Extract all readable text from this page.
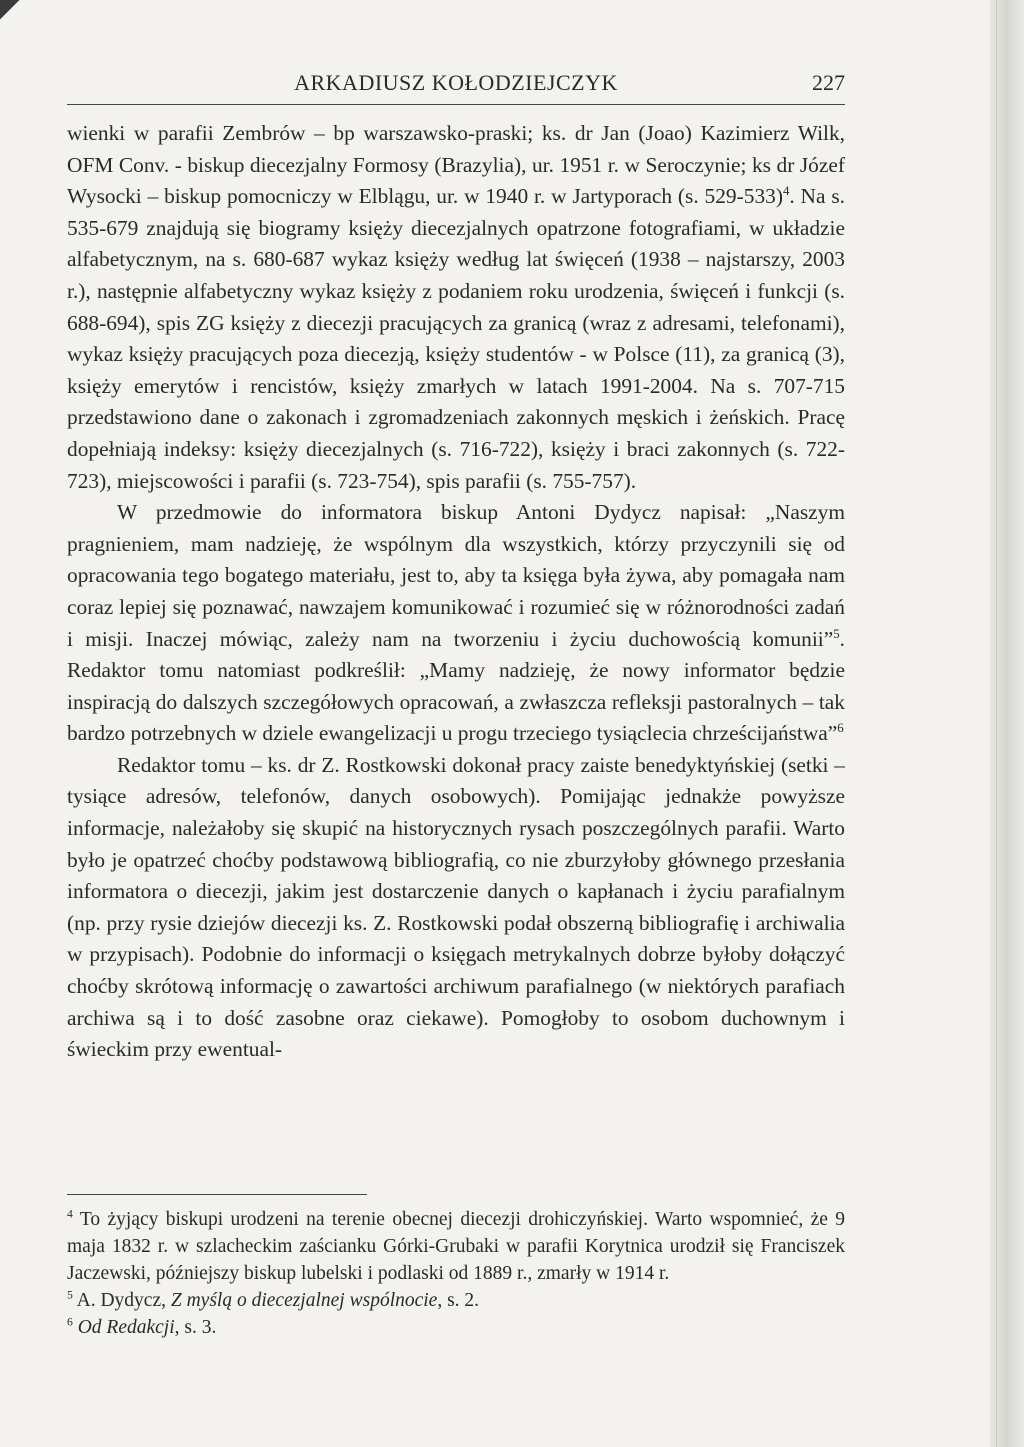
ARKADIUSZ KOŁODZIEJCZYK	227

wienki w parafii Zembrów – bp warszawsko-praski; ks. dr Jan (Joao) Kazimierz Wilk, OFM Conv. - biskup diecezjalny Formosy (Brazylia), ur. 1951 r. w Seroczynie; ks dr Józef Wysocki – biskup pomocniczy w Elblągu, ur. w 1940 r. w Jartyporach (s. 529-533)$^4$. Na s. 535-679 znajdują się biogramy księży diecezjalnych opatrzone fotografiami, w układzie alfabetycznym, na s. 680-687 wykaz księży według lat święceń (1938 – najstarszy, 2003 r.), następnie alfabetyczny wykaz księży z podaniem roku urodzenia, święceń i funkcji (s. 688-694), spis ZG księży z diecezji pracujących za granicą (wraz z adresami, telefonami), wykaz księży pracujących poza diecezją, księży studentów - w Polsce (11), za granicą (3), księży emerytów i rencistów, księży zmarłych w latach 1991-2004. Na s. 707-715 przedstawiono dane o zakonach i zgromadzeniach zakonnych męskich i żeńskich. Pracę dopełniają indeksy: księży diecezjalnych (s. 716-722), księży i braci zakonnych (s. 722-723), miejscowości i parafii (s. 723-754), spis parafii (s. 755-757).

W przedmowie do informatora biskup Antoni Dydycz napisał: „Naszym pragnieniem, mam nadzieję, że wspólnym dla wszystkich, którzy przyczynili się od opracowania tego bogatego materiału, jest to, aby ta księga była żywa, aby pomagała nam coraz lepiej się poznawać, nawzajem komunikować i rozumieć się w różnorodności zadań i misji. Inaczej mówiąc, zależy nam na tworzeniu i życiu duchowością komunii”$^5$. Redaktor tomu natomiast podkreślił: „Mamy nadzieję, że nowy informator będzie inspiracją do dalszych szczegółowych opracowań, a zwłaszcza refleksji pastoralnych – tak bardzo potrzebnych w dziele ewangelizacji u progu trzeciego tysiąclecia chrześcijaństwa”$^6$

Redaktor tomu – ks. dr Z. Rostkowski dokonał pracy zaiste benedyktyńskiej (setki – tysiące adresów, telefonów, danych osobowych). Pomijając jednakże powyższe informacje, należałoby się skupić na historycznych rysach poszczególnych parafii. Warto było je opatrzeć choćby podstawową bibliografią, co nie zburzyłoby głównego przesłania informatora o diecezji, jakim jest dostarczenie danych o kapłanach i życiu parafialnym (np. przy rysie dziejów diecezji ks. Z. Rostkowski podał obszerną bibliografię i archiwalia w przypisach). Podobnie do informacji o księgach metrykalnych dobrze byłoby dołączyć choćby skrótową informację o zawartości archiwum parafialnego (w niektórych parafiach archiwa są i to dość zasobne oraz ciekawe). Pomogłoby to osobom duchownym i świeckim przy ewentual-

$^4$ To żyjący biskupi urodzeni na terenie obecnej diecezji drohiczyńskiej. Warto wspomnieć, że 9 maja 1832 r. w szlacheckim zaścianku Górki-Grubaki w parafii Korytnica urodził się Franciszek Jaczewski, późniejszy biskup lubelski i podlaski od 1889 r., zmarły w 1914 r.

$^5$ A. Dydycz, Z myślą o diecezjalnej wspólnocie, s. 2.

$^6$ Od Redakcji, s. 3.
